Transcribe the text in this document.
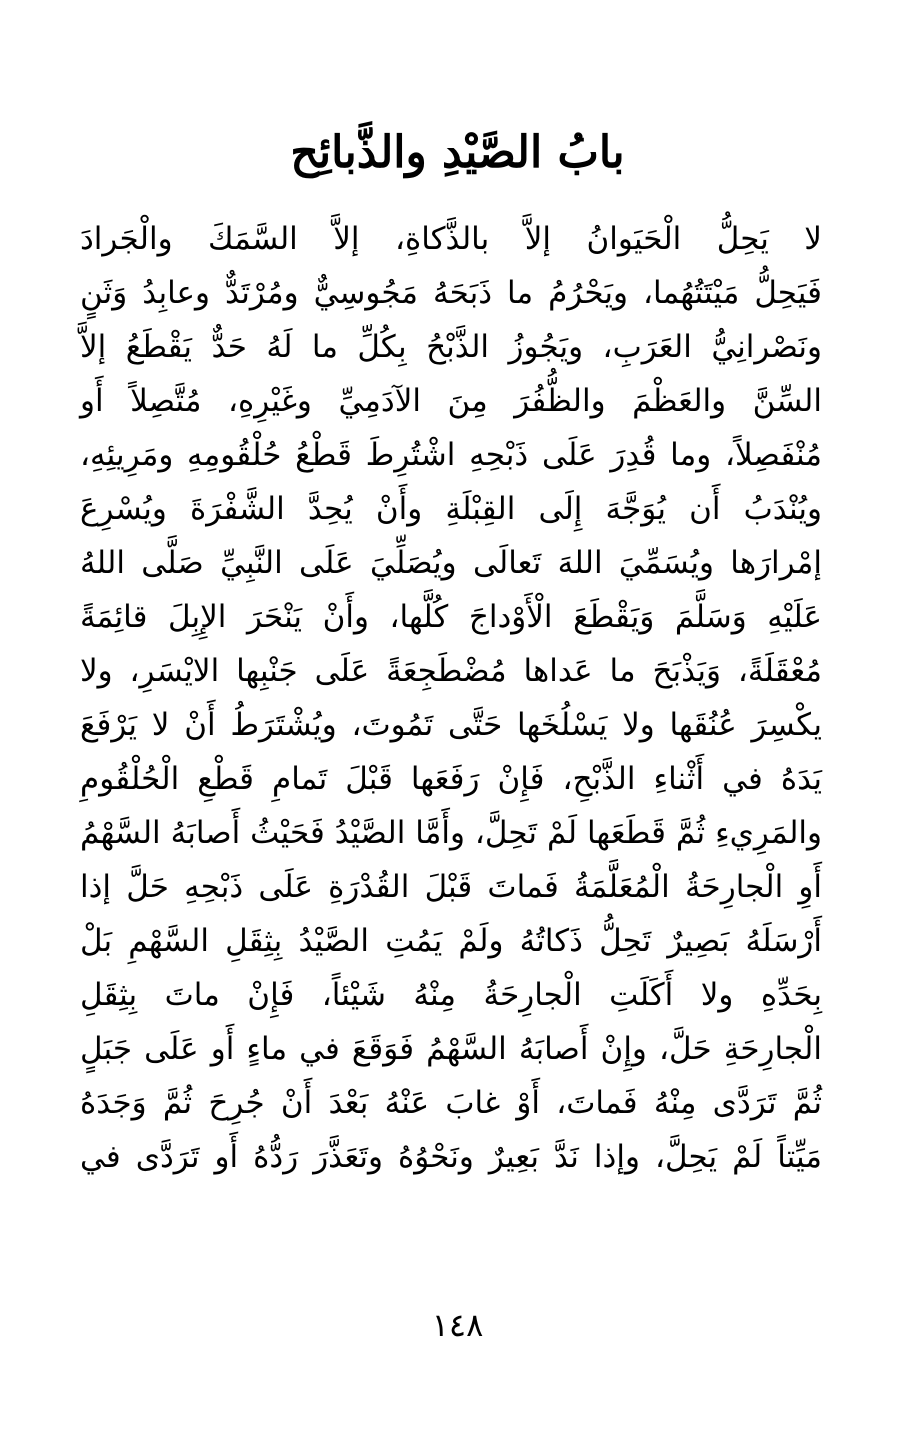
بابُ الصَّيْدِ والذَّبائِح
لا يَحِلُّ الْحَيَوانُ إلاَّ بالذَّكاةِ، إلاَّ السَّمَكَ والْجَرادَ
فَيَحِلُّ مَيْتَتُهُما، ويَحْرُمُ ما ذَبَحَهُ مَجُوسِيٌّ ومُرْتَدٌّ وعابِدُ وَثَنٍ
ونَصْرانِيُّ العَرَبِ، ويَجُوزُ الذَّبْحُ بِكُلِّ ما لَهُ حَدٌّ يَقْطَعُ إلاَّ
السِّنَّ والعَظْمَ والظُّفُرَ مِنَ الآدَمِيِّ وغَيْرِهِ، مُتَّصِلاً أَو
مُنْفَصِلاً، وما قُدِرَ عَلَى ذَبْحِهِ اشْتُرِطَ قَطْعُ حُلْقُومِهِ ومَرِيئِهِ،
ويُنْدَبُ أَن يُوَجَّهَ إِلَى القِبْلَةِ وأَنْ يُحِدَّ الشَّفْرَةَ ويُسْرِعَ
إمْرارَها ويُسَمِّيَ اللهَ تَعالَى ويُصَلِّيَ عَلَى النَّبِيِّ صَلَّى اللهُ
عَلَيْهِ وَسَلَّمَ وَيَقْطَعَ الْأَوْداجَ كُلَّها، وأَنْ يَنْحَرَ الإِبِلَ قائِمَةً
مُعْقَلَةً، وَيَذْبَحَ ما عَداها مُضْطَجِعَةً عَلَى جَنْبِها الايْسَرِ، ولا
يكْسِرَ عُنُقَها ولا يَسْلُخَها حَتَّى تَمُوتَ، ويُشْتَرَطُ أَنْ لا يَرْفَعَ
يَدَهُ في أَثْناءِ الذَّبْحِ، فَإِنْ رَفَعَها قَبْلَ تَمامِ قَطْعِ الْحُلْقُومِ
والمَرِيءِ ثُمَّ قَطَعَها لَمْ تَحِلَّ، وأَمَّا الصَّيْدُ فَحَيْثُ أَصابَهُ السَّهْمُ
أَوِ الْجارِحَةُ الْمُعَلَّمَةُ فَماتَ قَبْلَ القُدْرَةِ عَلَى ذَبْحِهِ حَلَّ إذا
أَرْسَلَهُ بَصِيرٌ تَحِلُّ ذَكاتُهُ ولَمْ يَمُتِ الصَّيْدُ بِثِقَلِ السَّهْمِ بَلْ
بِحَدِّهِ ولا أَكَلَتِ الْجارِحَةُ مِنْهُ شَيْئاً، فَإِنْ ماتَ بِثِقَلِ
الْجارِحَةِ حَلَّ، وإِنْ أَصابَهُ السَّهْمُ فَوَقَعَ في ماءٍ أَو عَلَى جَبَلٍ
ثُمَّ تَرَدَّى مِنْهُ فَماتَ، أَوْ غابَ عَنْهُ بَعْدَ أَنْ جُرِحَ ثُمَّ وَجَدَهُ
مَيِّتاً لَمْ يَحِلَّ، وإذا نَدَّ بَعِيرٌ ونَحْوُهُ وتَعَذَّرَ رَدُّهُ أَو تَرَدَّى في
١٤٨
